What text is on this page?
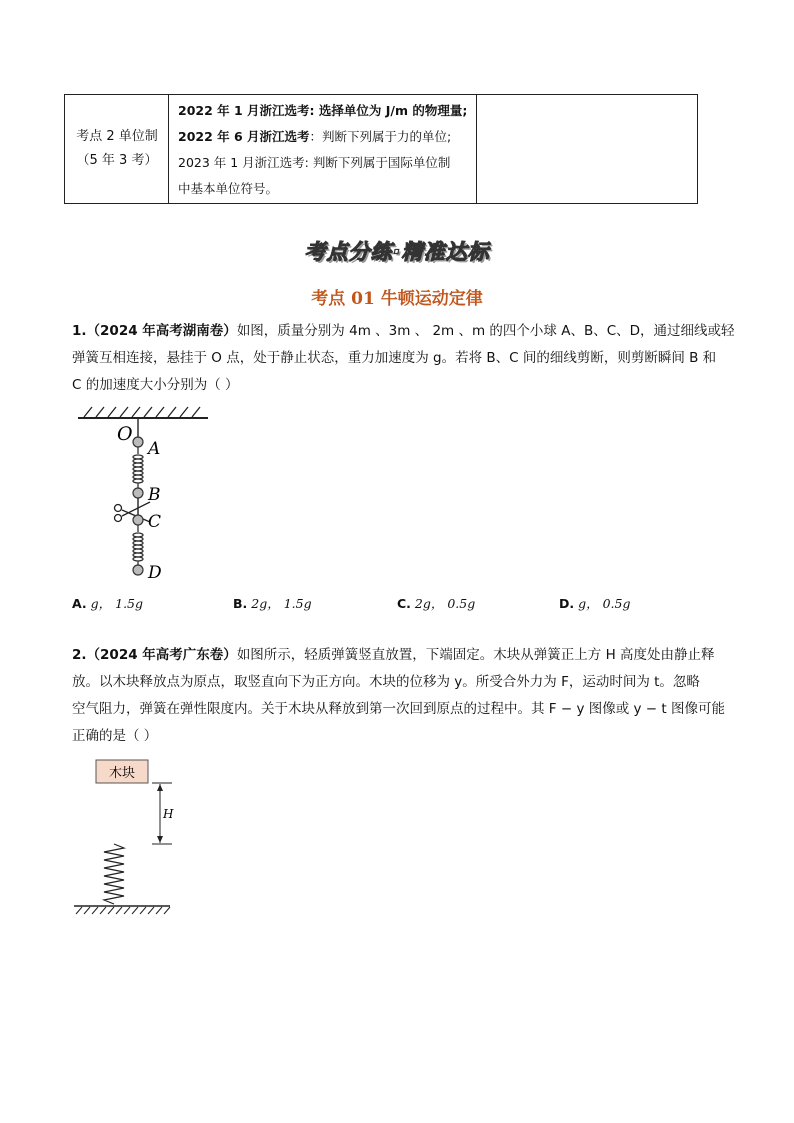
考点 2 单位制
（5 年 3 考）
2022 年 1 月浙江选考: 选择单位为 J/m 的物理量;
2022 年 6 月浙江选考：判断下列属于力的单位;
2023 年 1 月浙江选考: 判断下列属于国际单位制
中基本单位符号。
考点分练·精准达标
考点 01 牛顿运动定律
1.（2024 年高考湖南卷）如图，质量分别为 4m 、3m 、 2m 、m 的四个小球 A、B、C、D，通过细线或轻
弹簧互相连接，悬挂于 O 点，处于静止状态，重力加速度为 g。若将 B、C 间的细线剪断，则剪断瞬间 B 和
C 的加速度大小分别为（ ）
O
A
B
C
D
A. g， 1.5g	B. 2g， 1.5g	C. 2g， 0.5g	D. g， 0.5g
2.（2024 年高考广东卷）如图所示，轻质弹簧竖直放置，下端固定。木块从弹簧正上方 H 高度处由静止释
放。以木块释放点为原点，取竖直向下为正方向。木块的位移为 y。所受合外力为 F，运动时间为 t。忽略
空气阻力，弹簧在弹性限度内。关于木块从释放到第一次回到原点的过程中。其 F − y 图像或 y − t 图像可能
正确的是（ ）
木块
H
